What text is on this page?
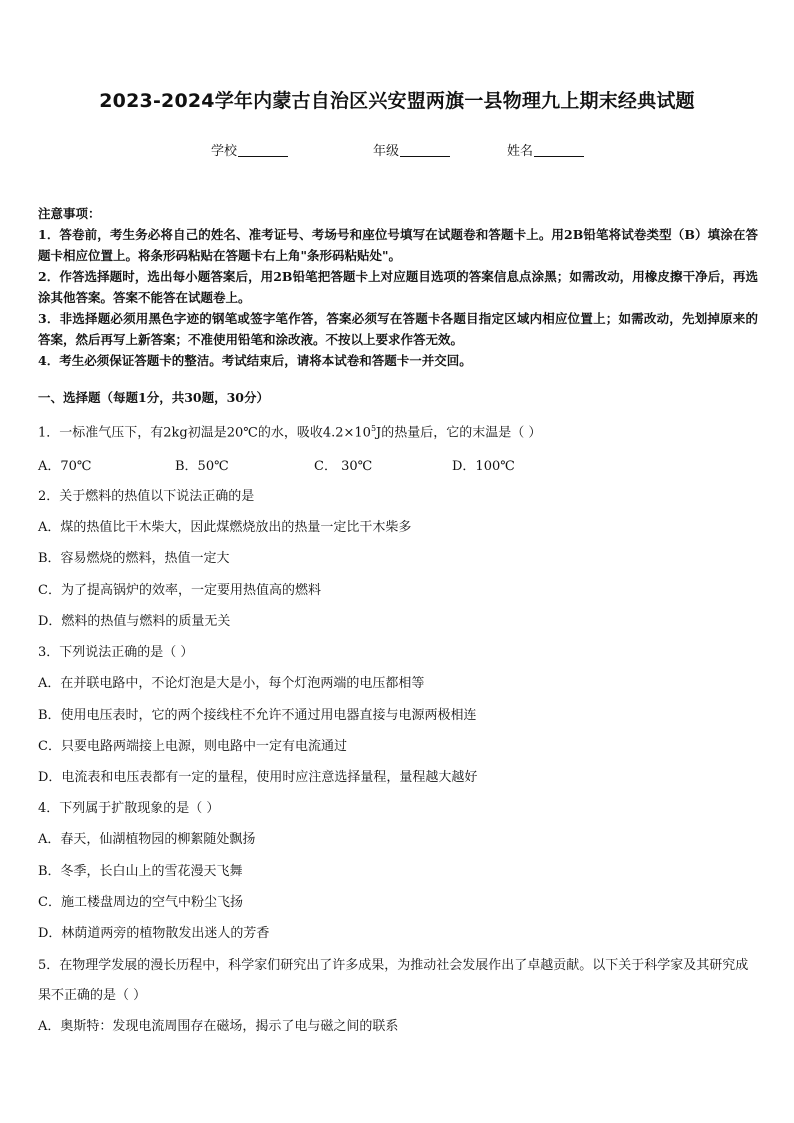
2023-2024学年内蒙古自治区兴安盟两旗一县物理九上期末经典试题
学校	年级	姓名

注意事项：

1．答卷前，考生务必将自己的姓名、准考证号、考场号和座位号填写在试题卷和答题卡上。用2B铅笔将试卷类型（B）填涂在答题卡相应位置上。将条形码粘贴在答题卡右上角"条形码粘贴处"。

2．作答选择题时，选出每小题答案后，用2B铅笔把答题卡上对应题目选项的答案信息点涂黑；如需改动，用橡皮擦干净后，再选涂其他答案。答案不能答在试题卷上。

3．非选择题必须用黑色字迹的钢笔或签字笔作答，答案必须写在答题卡各题目指定区域内相应位置上；如需改动，先划掉原来的答案，然后再写上新答案；不准使用铅笔和涂改液。不按以上要求作答无效。

4．考生必须保证答题卡的整洁。考试结束后，请将本试卷和答题卡一并交回。

一、选择题（每题1分，共30题，30分）
1．一标准气压下，有2kg初温是20℃的水，吸收$4.2\times 10^5J$的热量后，它的末温是（ ）
A．70℃	B．50℃	C． 30℃	D．100℃
2．关于燃料的热值以下说法正确的是
A．煤的热值比干木柴大，因此煤燃烧放出的热量一定比干木柴多
B．容易燃烧的燃料，热值一定大
C．为了提高锅炉的效率，一定要用热值高的燃料
D．燃料的热值与燃料的质量无关
3．下列说法正确的是（ ）
A．在并联电路中，不论灯泡是大是小，每个灯泡两端的电压都相等
B．使用电压表时，它的两个接线柱不允许不通过用电器直接与电源两极相连
C．只要电路两端接上电源，则电路中一定有电流通过
D．电流表和电压表都有一定的量程，使用时应注意选择量程，量程越大越好
4．下列属于扩散现象的是（ ）
A．春天，仙湖植物园的柳絮随处飘扬
B．冬季，长白山上的雪花漫天飞舞
C．施工楼盘周边的空气中粉尘飞扬
D．林荫道两旁的植物散发出迷人的芳香
5．在物理学发展的漫长历程中，科学家们研究出了许多成果，为推动社会发展作出了卓越贡献。以下关于科学家及其研究成果不正确的是（ ）
A．奥斯特：发现电流周围存在磁场，揭示了电与磁之间的联系
